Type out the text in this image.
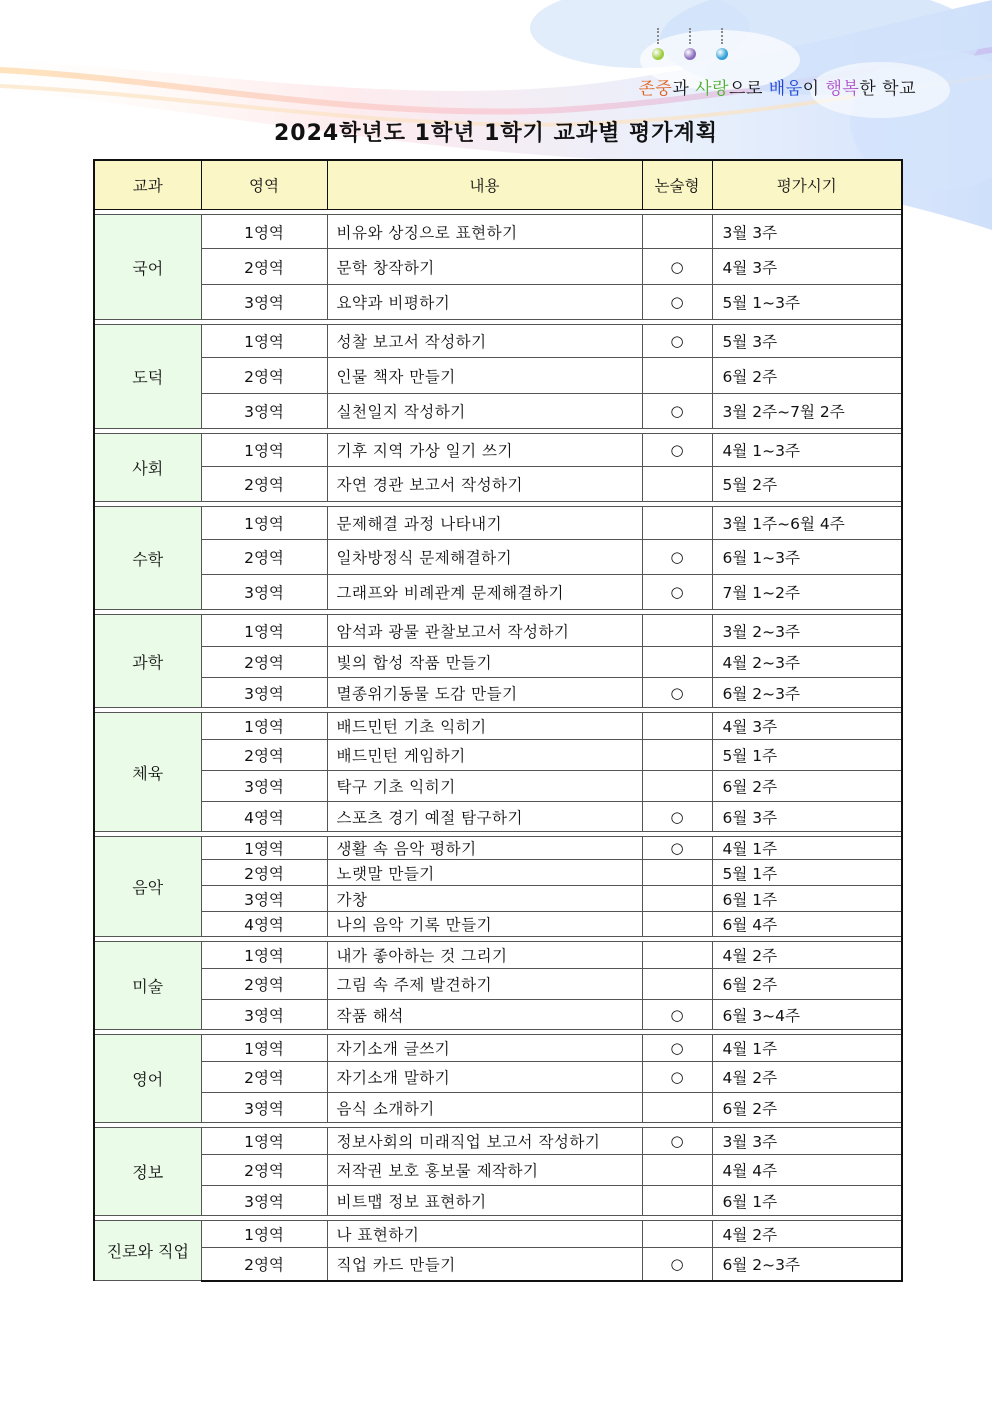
존중과 사랑으로 배움이 행복한 학교
2024학년도 1학년 1학기 교과별 평가계획
교과	영역	내용	논술형	평가시기

국어	1영역	비유와 상징으로 표현하기		3월 3주
	2영역	문학 창작하기	○	4월 3주
	3영역	요약과 비평하기	○	5월 1~3주

도덕	1영역	성찰 보고서 작성하기	○	5월 3주
	2영역	인물 책자 만들기		6월 2주
	3영역	실천일지 작성하기	○	3월 2주~7월 2주

사회	1영역	기후 지역 가상 일기 쓰기	○	4월 1~3주
	2영역	자연 경관 보고서 작성하기		5월 2주

수학	1영역	문제해결 과정 나타내기		3월 1주~6월 4주
	2영역	일차방정식 문제해결하기	○	6월 1~3주
	3영역	그래프와 비례관계 문제해결하기	○	7월 1~2주

과학	1영역	암석과 광물 관찰보고서 작성하기		3월 2~3주
	2영역	빛의 합성 작품 만들기		4월 2~3주
	3영역	멸종위기동물 도감 만들기	○	6월 2~3주

체육	1영역	배드민턴 기초 익히기		4월 3주
	2영역	배드민턴 게임하기		5월 1주
	3영역	탁구 기초 익히기		6월 2주
	4영역	스포츠 경기 예절 탐구하기	○	6월 3주

음악	1영역	생활 속 음악 평하기	○	4월 1주
	2영역	노랫말 만들기		5월 1주
	3영역	가창		6월 1주
	4영역	나의 음악 기록 만들기		6월 4주

미술	1영역	내가 좋아하는 것 그리기		4월 2주
	2영역	그림 속 주제 발견하기		6월 2주
	3영역	작품 해석	○	6월 3~4주

영어	1영역	자기소개 글쓰기	○	4월 1주
	2영역	자기소개 말하기	○	4월 2주
	3영역	음식 소개하기		6월 2주

정보	1영역	정보사회의 미래직업 보고서 작성하기	○	3월 3주
	2영역	저작권 보호 홍보물 제작하기		4월 4주
	3영역	비트맵 정보 표현하기		6월 1주

진로와 직업	1영역	나 표현하기		4월 2주
	2영역	직업 카드 만들기	○	6월 2~3주
